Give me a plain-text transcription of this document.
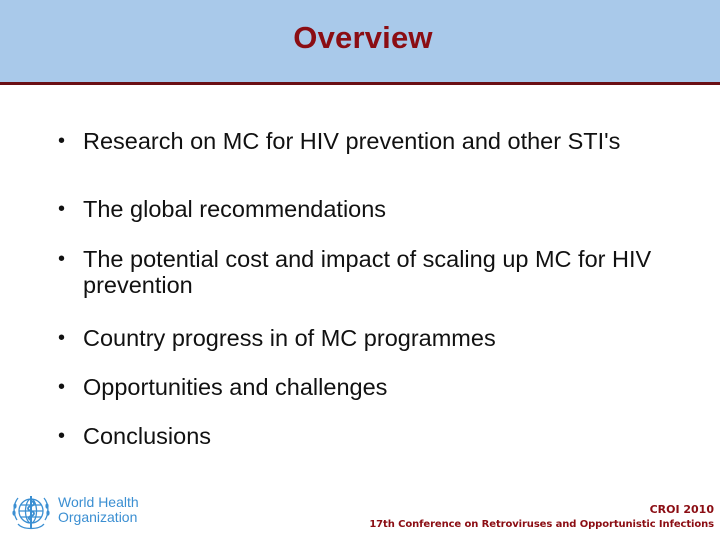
Overview
• Research on MC for HIV prevention and other STI's
• The global recommendations
• The potential cost and impact of scaling up MC for HIV prevention
• Country progress in of MC programmes
• Opportunities and challenges
• Conclusions
World Health
Organization	CROI 2010
17th Conference on Retroviruses and Opportunistic Infections
